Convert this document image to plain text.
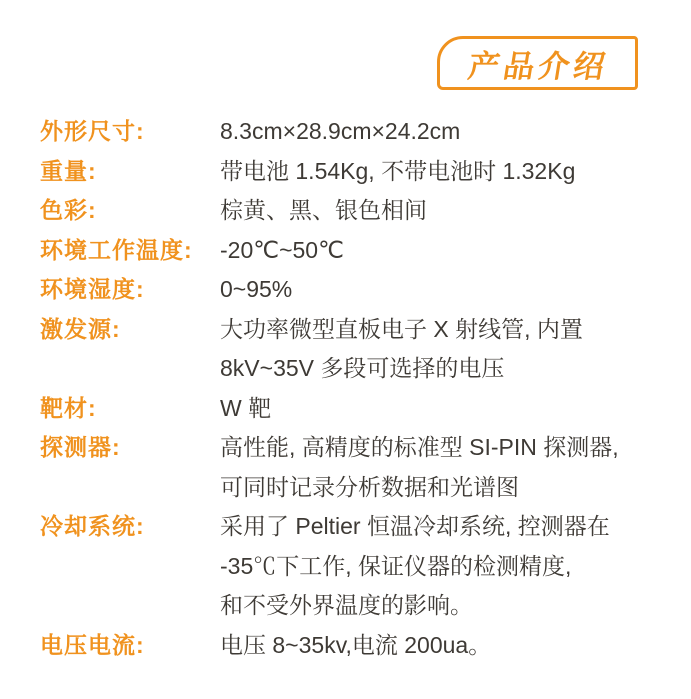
产品介绍
外形尺寸:	8.3cm×28.9cm×24.2cm
重量:	带电池 1.54Kg, 不带电池时 1.32Kg
色彩:	棕黄、黑、银色相间
环境工作温度:	-20℃~50℃
环境湿度:	0~95%
激发源:	大功率微型直板电子 X 射线管, 内置
8kV~35V 多段可选择的电压
靶材:	W 靶
探测器:	高性能, 高精度的标准型 SI-PIN 探测器,
可同时记录分析数据和光谱图
冷却系统:	采用了 Peltier 恒温冷却系统, 控测器在
-35℃下工作, 保证仪器的检测精度,
和不受外界温度的影响。
电压电流:	电压 8~35kv,电流 200ua。
